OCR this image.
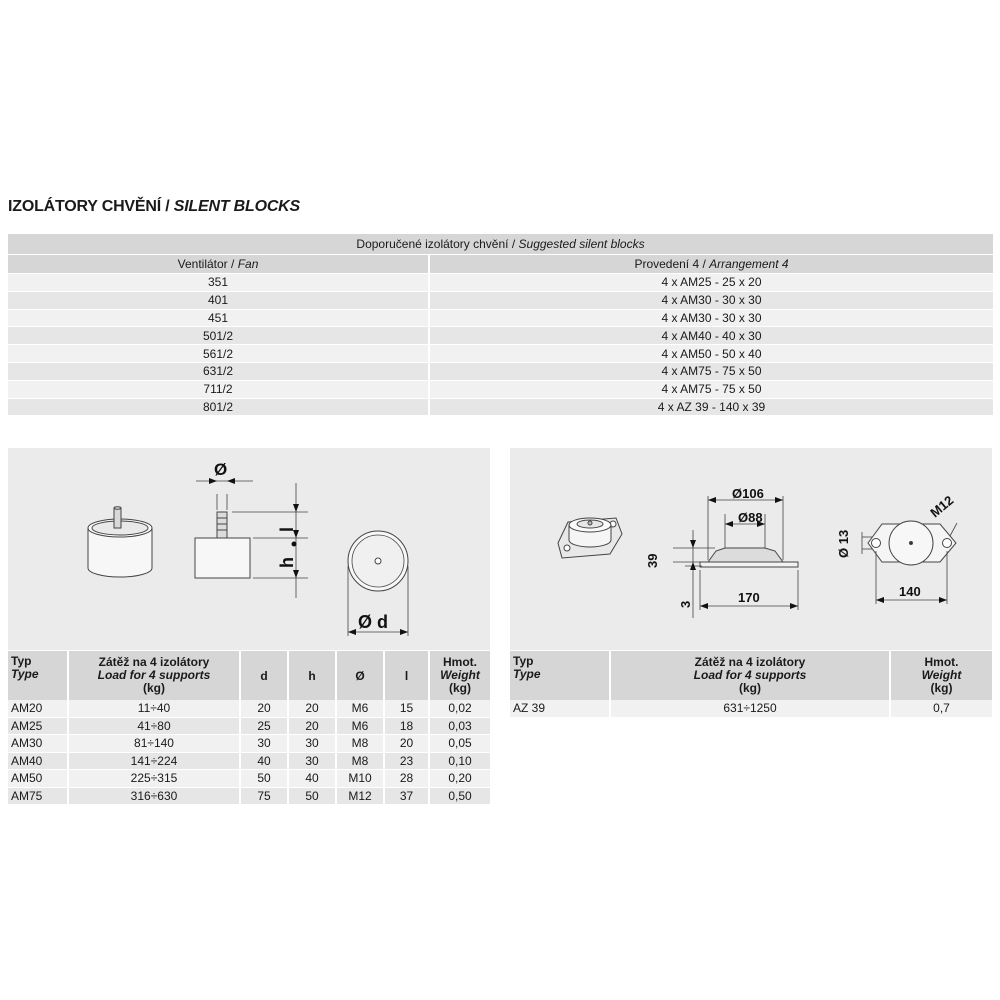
IZOLÁTORY CHVĚNÍ / SILENT BLOCKS
Doporučené izolátory chvění / Suggested silent blocks	
Ventilátor / Fan	Provedení 4 / Arrangement 4
351	4 x AM25 - 25 x 20
401	4 x AM30 - 30 x 30
451	4 x AM30 - 30 x 30
501/2	4 x AM40 - 40 x 30
561/2	4 x AM50 - 50 x 40
631/2	4 x AM75 - 75 x 50
711/2	4 x AM75 - 75 x 50
801/2	4 x AZ 39 - 140 x 39
Ø
l
h
Ø d
Ø106
Ø88
39
3	170
Ø 13
M12
140
Typ
Type	Zátěž na 4 izolátory
Load for 4 supports
(kg)	d	h	Ø	l	Hmot.
Weight
(kg)

AM20	11÷40	20	20	M6	15	0,02
AM25	41÷80	25	20	M6	18	0,03
AM30	81÷140	30	30	M8	20	0,05
AM40	141÷224	40	30	M8	23	0,10
AM50	225÷315	50	40	M10	28	0,20
AM75	316÷630	75	50	M12	37	0,50
Typ
Type	Zátěž na 4 izolátory
Load for 4 supports
(kg)	Hmot.
Weight
(kg)

AZ 39	631÷1250	0,7
